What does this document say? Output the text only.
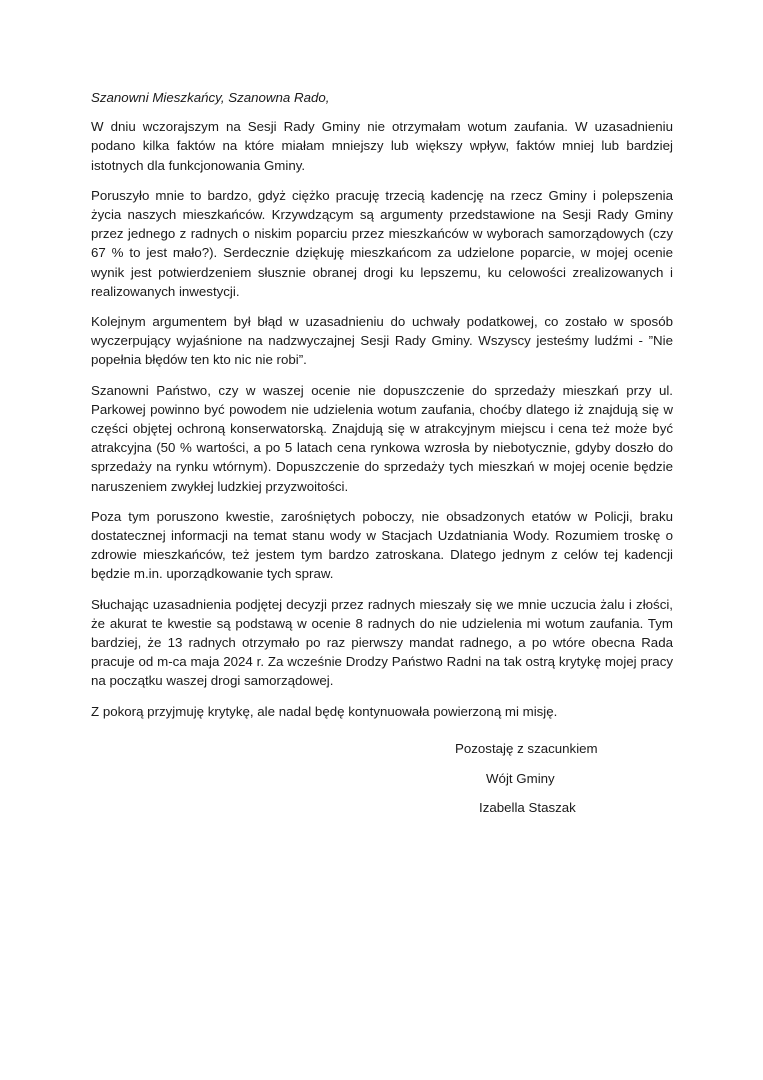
Szanowni Mieszkańcy, Szanowna Rado,

W dniu wczorajszym na Sesji Rady Gminy nie otrzymałam wotum zaufania. W uzasadnieniu podano kilka faktów na które miałam mniejszy lub większy wpływ, faktów mniej lub bardziej istotnych dla funkcjonowania Gminy.

Poruszyło mnie to bardzo, gdyż ciężko pracuję trzecią kadencję na rzecz Gminy i polepszenia życia naszych mieszkańców. Krzywdzącym są argumenty przedstawione na Sesji Rady Gminy przez jednego z radnych o niskim poparciu przez mieszkańców w wyborach samorządowych (czy 67 % to jest mało?). Serdecznie dziękuję mieszkańcom za udzielone poparcie, w mojej ocenie wynik jest potwierdzeniem słusznie obranej drogi ku lepszemu, ku celowości zrealizowanych i realizowanych inwestycji.

Kolejnym argumentem był błąd w uzasadnieniu do uchwały podatkowej, co zostało w sposób wyczerpujący wyjaśnione na nadzwyczajnej Sesji Rady Gminy. Wszyscy jesteśmy ludźmi - ”Nie popełnia błędów ten kto nic nie robi”.

Szanowni Państwo, czy w waszej ocenie nie dopuszczenie do sprzedaży mieszkań przy ul. Parkowej powinno być powodem nie udzielenia wotum zaufania, choćby dlatego iż znajdują się w części objętej ochroną konserwatorską. Znajdują się w atrakcyjnym miejscu i cena też może być atrakcyjna (50 % wartości, a po 5 latach cena rynkowa wzrosła by niebotycznie, gdyby doszło do sprzedaży na rynku wtórnym). Dopuszczenie do sprzedaży tych mieszkań w mojej ocenie będzie naruszeniem zwykłej ludzkiej przyzwoitości.

Poza tym poruszono kwestie, zarośniętych poboczy, nie obsadzonych etatów w Policji, braku dostatecznej informacji na temat stanu wody w Stacjach Uzdatniania Wody. Rozumiem troskę o zdrowie mieszkańców, też jestem tym bardzo zatroskana. Dlatego jednym z celów tej kadencji będzie m.in. uporządkowanie tych spraw.

Słuchając uzasadnienia podjętej decyzji przez radnych mieszały się we mnie uczucia żalu i złości, że akurat te kwestie są podstawą w ocenie 8 radnych do nie udzielenia mi wotum zaufania. Tym bardziej, że 13 radnych otrzymało po raz pierwszy mandat radnego, a po wtóre obecna Rada pracuje od m-ca maja 2024 r. Za wcześnie Drodzy Państwo Radni na tak ostrą krytykę mojej pracy na początku waszej drogi samorządowej.

Z pokorą przyjmuję krytykę, ale nadal będę kontynuowała powierzoną mi misję.

Pozostaję z szacunkiem
Wójt Gminy
Izabella Staszak
